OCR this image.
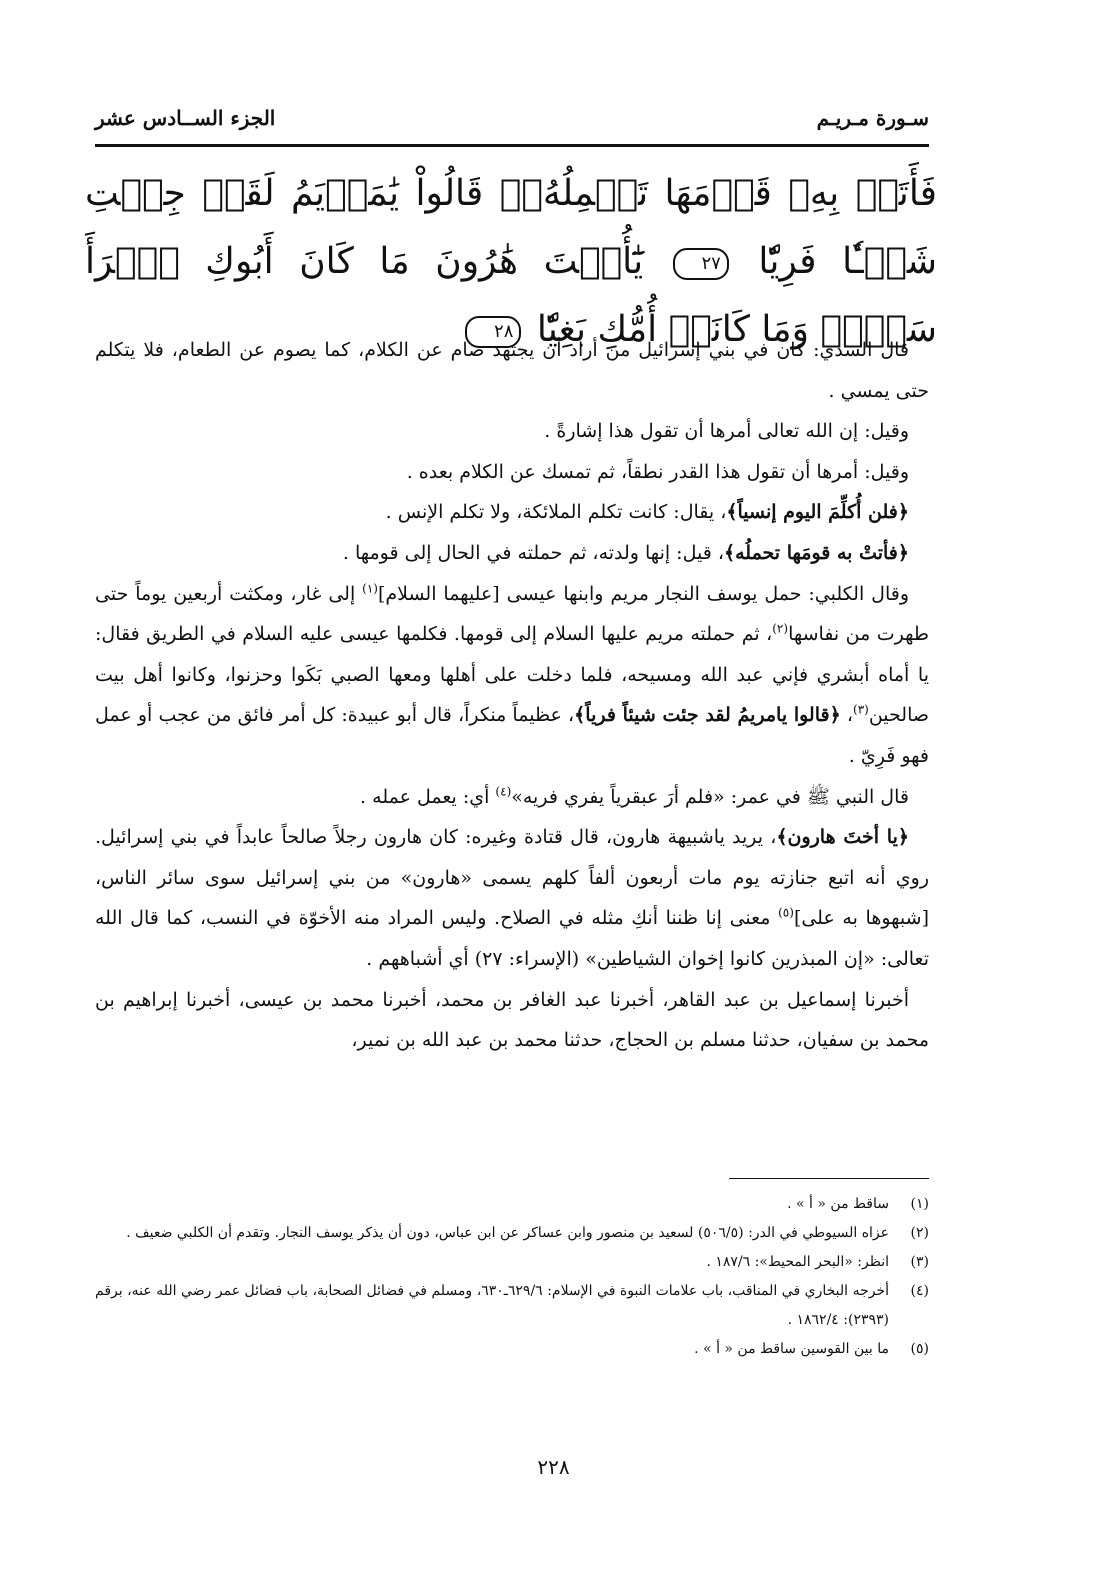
سـورة مـريـم
الجزء الســادس عشر
فَأَتَتۡ بِهِۦ قَوۡمَهَا تَحۡمِلُهُۥۖ قَالُواْ يَٰمَرۡيَمُ لَقَدۡ جِئۡتِ شَيۡـٔٗا فَرِيّٗا ٢٧ يَٰٓأُخۡتَ هَٰرُونَ مَا كَانَ أَبُوكِ ٱمۡرَأَ سَوۡءٖ وَمَا كَانَتۡ أُمُّكِ بَغِيّٗا ٢٨

قال السدي: كان في بني إسرائيل من أراد أن يجتهد صام عن الكلام، كما يصوم عن الطعام، فلا يتكلم حتى يمسي .

وقيل: إن الله تعالى أمرها أن تقول هذا إشارةً .

وقيل: أمرها أن تقول هذا القدر نطقاً، ثم تمسك عن الكلام بعده .

﴿فلن أُكلِّمَ اليوم إنسياً﴾، يقال: كانت تكلم الملائكة، ولا تكلم الإنس .

﴿فأتتْ به قومَها تحملُه﴾، قيل: إنها ولدته، ثم حملته في الحال إلى قومها .

وقال الكلبي: حمل يوسف النجار مريم وابنها عيسى [عليهما السلام]$^{(١)}$ إلى غار، ومكثت أربعين يوماً حتى طهرت من نفاسها$^{(٢)}$، ثم حملته مريم عليها السلام إلى قومها. فكلمها عيسى عليه السلام في الطريق فقال: يا أماه أبشري فإني عبد الله ومسيحه، فلما دخلت على أهلها ومعها الصبي بَكَوا وحزنوا، وكانوا أهل بيت صالحين$^{(٣)}$، ﴿قالوا يامريمُ لقد جئت شيئاً فرياً﴾، عظيماً منكراً، قال أبو عبيدة: كل أمر فائق من عجب أو عمل فهو فَرِيّ .

قال النبي ﷺ في عمر: «فلم أرَ عبقرياً يفري فريه»$^{(٤)}$ أي: يعمل عمله .

﴿يا أختَ هارون﴾، يريد ياشبيهة هارون، قال قتادة وغيره: كان هارون رجلاً صالحاً عابداً في بني إسرائيل. روي أنه اتبع جنازته يوم مات أربعون ألفاً كلهم يسمى «هارون» من بني إسرائيل سوى سائر الناس، [شبهوها به على]$^{(٥)}$ معنى إنا ظننا أنكِ مثله في الصلاح. وليس المراد منه الأخوّة في النسب، كما قال الله تعالى: «إن المبذرين كانوا إخوان الشياطين» (الإسراء: ٢٧) أي أشباههم .

أخبرنا إسماعيل بن عبد القاهر، أخبرنا عبد الغافر بن محمد، أخبرنا محمد بن عيسى، أخبرنا إبراهيم بن محمد بن سفيان، حدثنا مسلم بن الحجاج، حدثنا محمد بن عبد الله بن نمير،

(١)
ساقط من « أ » .
(٢)
عزاه السيوطي في الدر: (٥٠٦/٥) لسعيد بن منصور وابن عساكر عن ابن عباس، دون أن يذكر يوسف النجار. وتقدم أن الكلبي ضعيف .
(٣)
انظر: «البحر المحيط»: ١٨٧/٦ .
(٤)
أخرجه البخاري في المناقب، باب علامات النبوة في الإسلام: ٦٢٩/٦ـ٦٣٠، ومسلم في فضائل الصحابة، باب فضائل عمر رضي الله عنه، برقم (٢٣٩٣): ١٨٦٢/٤ .
(٥)
ما بين القوسين ساقط من « أ » .
٢٢٨
